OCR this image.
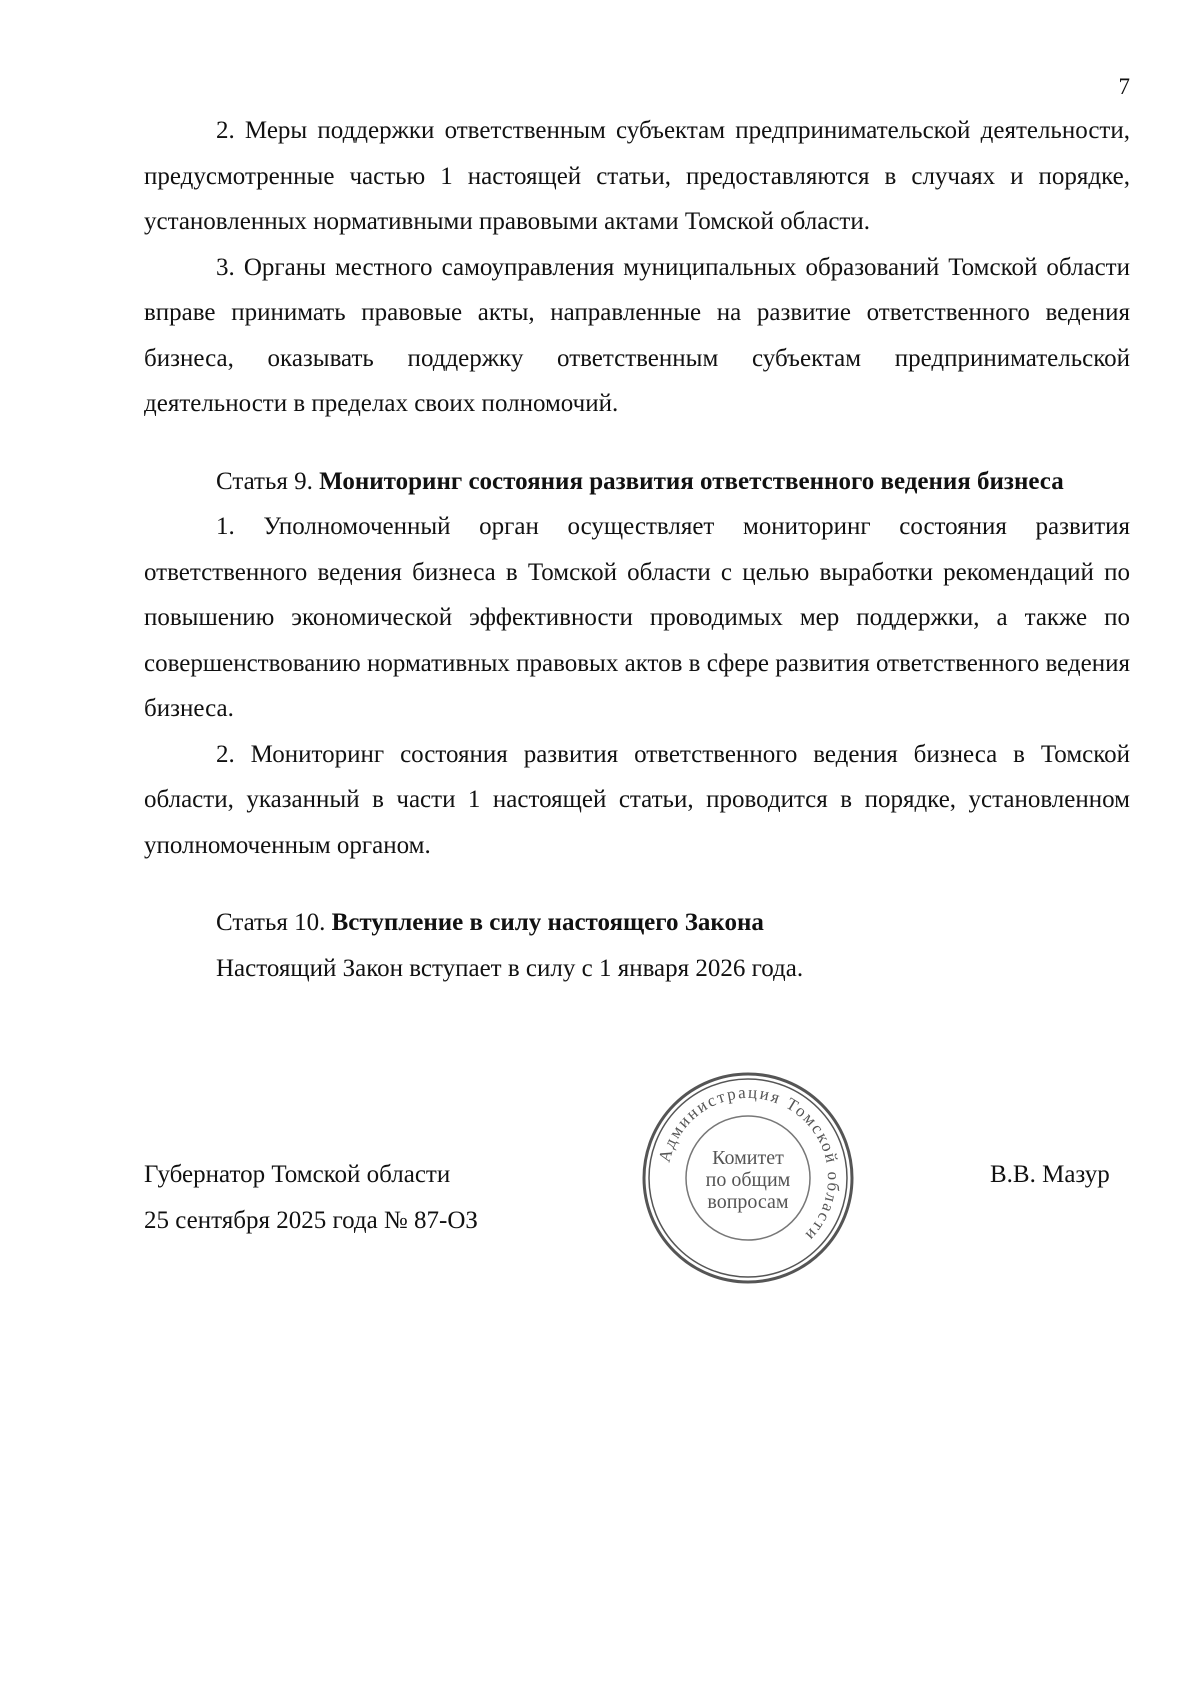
7

2. Меры поддержки ответственным субъектам предпринимательской деятельности, предусмотренные частью 1 настоящей статьи, предоставляются в случаях и порядке, установленных нормативными правовыми актами Томской области.

3. Органы местного самоуправления муниципальных образований Томской области вправе принимать правовые акты, направленные на развитие ответственного ведения бизнеса, оказывать поддержку ответственным субъектам предпринимательской деятельности в пределах своих полномочий.

Статья 9. Мониторинг состояния развития ответственного ведения бизнеса

1. Уполномоченный орган осуществляет мониторинг состояния развития ответственного ведения бизнеса в Томской области с целью выработки рекомендаций по повышению экономической эффективности проводимых мер поддержки, а также по совершенствованию нормативных правовых актов в сфере развития ответственного ведения бизнеса.

2. Мониторинг состояния развития ответственного ведения бизнеса в Томской области, указанный в части 1 настоящей статьи, проводится в порядке, установленном уполномоченным органом.

Статья 10. Вступление в силу настоящего Закона

Настоящий Закон вступает в силу с 1 января 2026 года.

Губернатор Томской области
25 сентября 2025 года № 87-ОЗ
В.В. Мазур
Администрация Томской области
Комитет
по общим
вопросам
